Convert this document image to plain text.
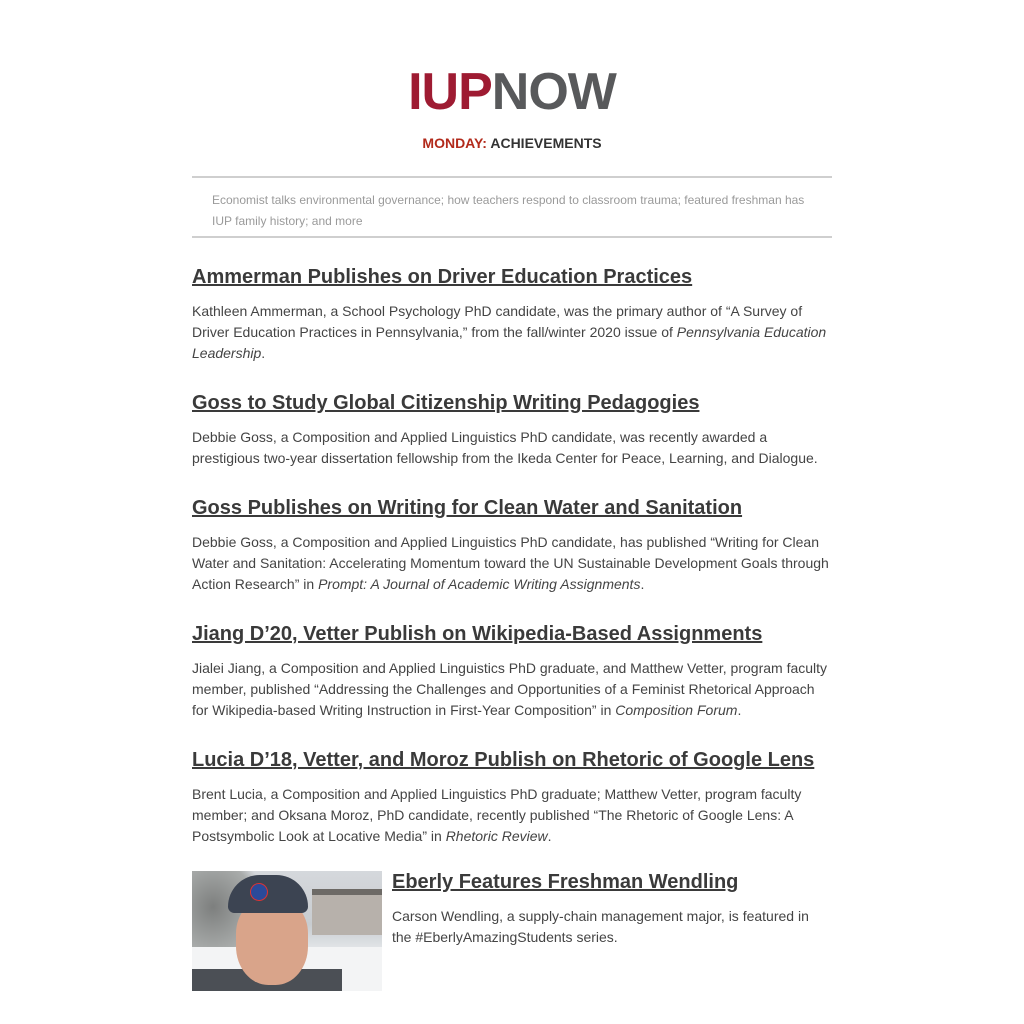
IUPNOW
MONDAY: ACHIEVEMENTS
Economist talks environmental governance; how teachers respond to classroom trauma; featured freshman has IUP family history; and more
Ammerman Publishes on Driver Education Practices

Kathleen Ammerman, a School Psychology PhD candidate, was the primary author of “A Survey of Driver Education Practices in Pennsylvania,” from the fall/winter 2020 issue of Pennsylvania Education Leadership.

Goss to Study Global Citizenship Writing Pedagogies

Debbie Goss, a Composition and Applied Linguistics PhD candidate, was recently awarded a prestigious two-year dissertation fellowship from the Ikeda Center for Peace, Learning, and Dialogue.

Goss Publishes on Writing for Clean Water and Sanitation

Debbie Goss, a Composition and Applied Linguistics PhD candidate, has published “Writing for Clean Water and Sanitation: Accelerating Momentum toward the UN Sustainable Development Goals through Action Research” in Prompt: A Journal of Academic Writing Assignments.

Jiang D’20, Vetter Publish on Wikipedia-Based Assignments

Jialei Jiang, a Composition and Applied Linguistics PhD graduate, and Matthew Vetter, program faculty member, published “Addressing the Challenges and Opportunities of a Feminist Rhetorical Approach for Wikipedia-based Writing Instruction in First-Year Composition” in Composition Forum.

Lucia D’18, Vetter, and Moroz Publish on Rhetoric of Google Lens

Brent Lucia, a Composition and Applied Linguistics PhD graduate; Matthew Vetter, program faculty member; and Oksana Moroz, PhD candidate, recently published “The Rhetoric of Google Lens: A Postsymbolic Look at Locative Media” in Rhetoric Review.

Eberly Features Freshman Wendling

Carson Wendling, a supply-chain management major, is featured in the #EberlyAmazingStudents series.
